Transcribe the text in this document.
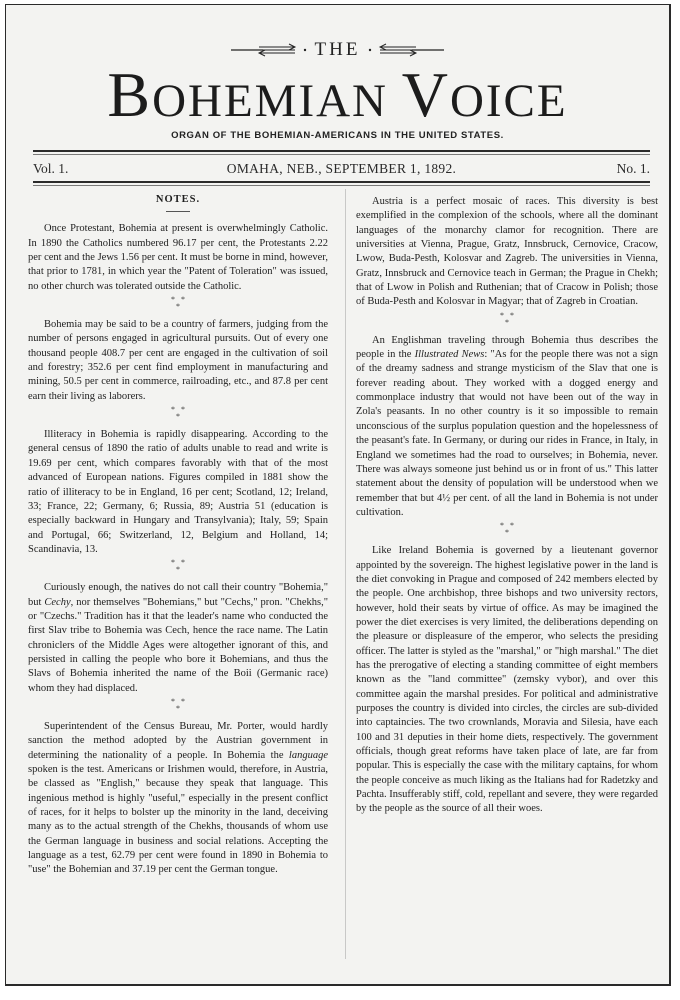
THE
BOHEMIAN VOICE
ORGAN OF THE BOHEMIAN-AMERICANS IN THE UNITED STATES.
Vol. 1.	OMAHA, NEB., SEPTEMBER 1, 1892.	No. 1.
NOTES.

Once Protestant, Bohemia at present is overwhelmingly Catholic. In 1890 the Catholics numbered 96.17 per cent, the Protestants 2.22 per cent and the Jews 1.56 per cent. It must be borne in mind, however, that prior to 1781, in which year the "Patent of Toleration" was issued, no other church was tolerated outside the Catholic.

*   *
*

Bohemia may be said to be a country of farmers, judging from the number of persons engaged in agricultural pursuits. Out of every one thousand people 408.7 per cent are engaged in the cultivation of soil and forestry; 352.6 per cent find employment in manufacturing and mining, 50.5 per cent in commerce, railroading, etc., and 87.8 per cent earn their living as laborers.

*   *
*

Illiteracy in Bohemia is rapidly disappearing. According to the general census of 1890 the ratio of adults unable to read and write is 19.69 per cent, which compares favorably with that of the most advanced of European nations. Figures compiled in 1881 show the ratio of illiteracy to be in England, 16 per cent; Scotland, 12; Ireland, 33; France, 22; Germany, 6; Russia, 89; Austria 51 (education is especially backward in Hungary and Transylvania); Italy, 59; Spain and Portugal, 66; Switzerland, 12, Belgium and Holland, 14; Scandinavia, 13.

*   *
*

Curiously enough, the natives do not call their country "Bohemia," but Cechy, nor themselves "Bohemians," but "Cechs," pron. "Chekhs," or "Czechs." Tradition has it that the leader's name who conducted the first Slav tribe to Bohemia was Cech, hence the race name. The Latin chroniclers of the Middle Ages were altogether ignorant of this, and persisted in calling the people who bore it Bohemians, and thus the Slavs of Bohemia inherited the name of the Boii (Germanic race) whom they had displaced.

*   *
*

Superintendent of the Census Bureau, Mr. Porter, would hardly sanction the method adopted by the Austrian government in determining the nationality of a people. In Bohemia the language spoken is the test. Americans or Irishmen would, therefore, in Austria, be classed as "English," because they speak that language. This ingenious method is highly "useful," especially in the present conflict of races, for it helps to bolster up the minority in the land, deceiving many as to the actual strength of the Chekhs, thousands of whom use the German language in business and social relations. Accepting the language as a test, 62.79 per cent were found in 1890 in Bohemia to "use" the Bohemian and 37.19 per cent the German tongue.

Austria is a perfect mosaic of races. This diversity is best exemplified in the complexion of the schools, where all the dominant languages of the monarchy clamor for recognition. There are universities at Vienna, Prague, Gratz, Innsbruck, Cernovice, Cracow, Lwow, Buda-Pesth, Kolosvar and Zagreb. The universities in Vienna, Gratz, Innsbruck and Cernovice teach in German; the Prague in Chekh; that of Lwow in Polish and Ruthenian; that of Cracow in Polish; those of Buda-Pesth and Kolosvar in Magyar; that of Zagreb in Croatian.

*   *
*

An Englishman traveling through Bohemia thus describes the people in the Illustrated News: "As for the people there was not a sign of the dreamy sadness and strange mysticism of the Slav that one is forever reading about. They worked with a dogged energy and commonplace industry that would not have been out of the way in Zola's peasants. In no other country is it so impossible to remain unconscious of the surplus population question and the hopelessness of the peasant's fate. In Germany, or during our rides in France, in Italy, in England we sometimes had the road to ourselves; in Bohemia, never. There was always someone just behind us or in front of us." This latter statement about the density of population will be understood when we remember that but 4½ per cent. of all the land in Bohemia is not under cultivation.

*   *
*

Like Ireland Bohemia is governed by a lieutenant governor appointed by the sovereign. The highest legislative power in the land is the diet convoking in Prague and composed of 242 members elected by the people. One archbishop, three bishops and two university rectors, however, hold their seats by virtue of office. As may be imagined the power the diet exercises is very limited, the deliberations depending on the pleasure or displeasure of the emperor, who selects the presiding officer. The latter is styled as the "marshal," or "high marshal." The diet has the prerogative of electing a standing committee of eight members known as the "land committee" (zemsky vybor), and over this committee again the marshal presides. For political and administrative purposes the country is divided into circles, the circles are sub-divided into captaincies. The two crownlands, Moravia and Silesia, have each 100 and 31 deputies in their home diets, respectively. The government officials, though great reforms have taken place of late, are far from popular. This is especially the case with the military captains, for whom the people conceive as much liking as the Italians had for Radetzky and Pachta. Insufferably stiff, cold, repellant and severe, they were regarded by the people as the source of all their woes.
